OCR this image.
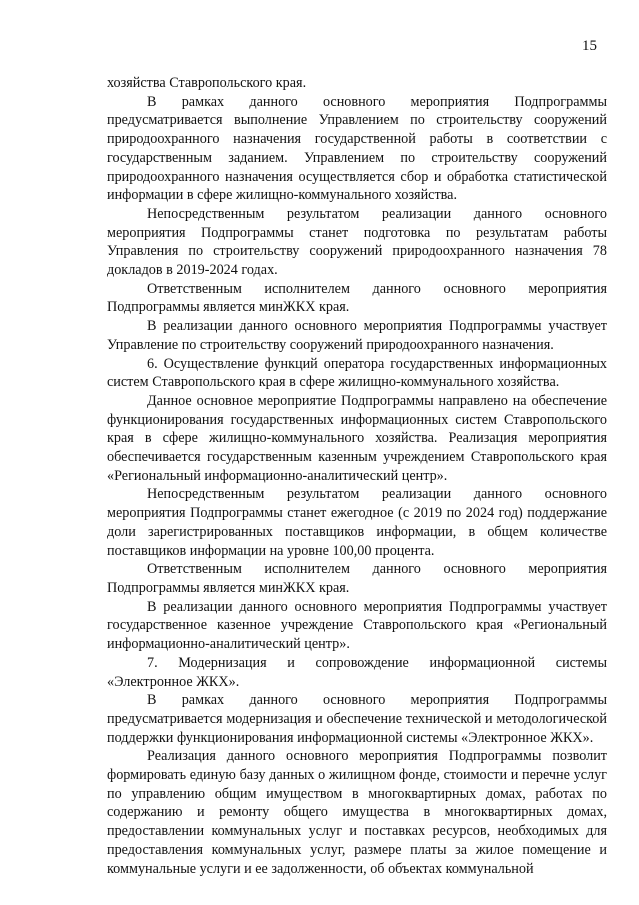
15

хозяйства Ставропольского края.

В рамках данного основного мероприятия Подпрограммы предусматривается выполнение Управлением по строительству сооружений природоохранного назначения государственной работы в соответствии с государственным заданием. Управлением по строительству сооружений природоохранного назначения осуществляется сбор и обработка статистической информации в сфере жилищно-коммунального хозяйства.

Непосредственным результатом реализации данного основного мероприятия Подпрограммы станет подготовка по результатам работы Управления по строительству сооружений природоохранного назначения 78 докладов в 2019-2024 годах.

Ответственным исполнителем данного основного мероприятия Подпрограммы является минЖКХ края.

В реализации данного основного мероприятия Подпрограммы участвует Управление по строительству сооружений природоохранного назначения.

6. Осуществление функций оператора государственных информационных систем Ставропольского края в сфере жилищно-коммунального хозяйства.

Данное основное мероприятие Подпрограммы направлено на обеспечение функционирования государственных информационных систем Ставропольского края в сфере жилищно-коммунального хозяйства. Реализация мероприятия обеспечивается государственным казенным учреждением Ставропольского края «Региональный информационно-аналитический центр».

Непосредственным результатом реализации данного основного мероприятия Подпрограммы станет ежегодное (с 2019 по 2024 год) поддержание доли зарегистрированных поставщиков информации, в общем количестве поставщиков информации на уровне 100,00 процента.

Ответственным исполнителем данного основного мероприятия Подпрограммы является минЖКХ края.

В реализации данного основного мероприятия Подпрограммы участвует государственное казенное учреждение Ставропольского края «Региональный информационно-аналитический центр».

7. Модернизация и сопровождение информационной системы «Электронное ЖКХ».

В рамках данного основного мероприятия Подпрограммы предусматривается модернизация и обеспечение технической и методологической поддержки функционирования информационной системы «Электронное ЖКХ».

Реализация данного основного мероприятия Подпрограммы позволит формировать единую базу данных о жилищном фонде, стоимости и перечне услуг по управлению общим имуществом в многоквартирных домах, работах по содержанию и ремонту общего имущества в многоквартирных домах, предоставлении коммунальных услуг и поставках ресурсов, необходимых для предоставления коммунальных услуг, размере платы за жилое помещение и коммунальные услуги и ее задолженности, об объектах коммунальной
